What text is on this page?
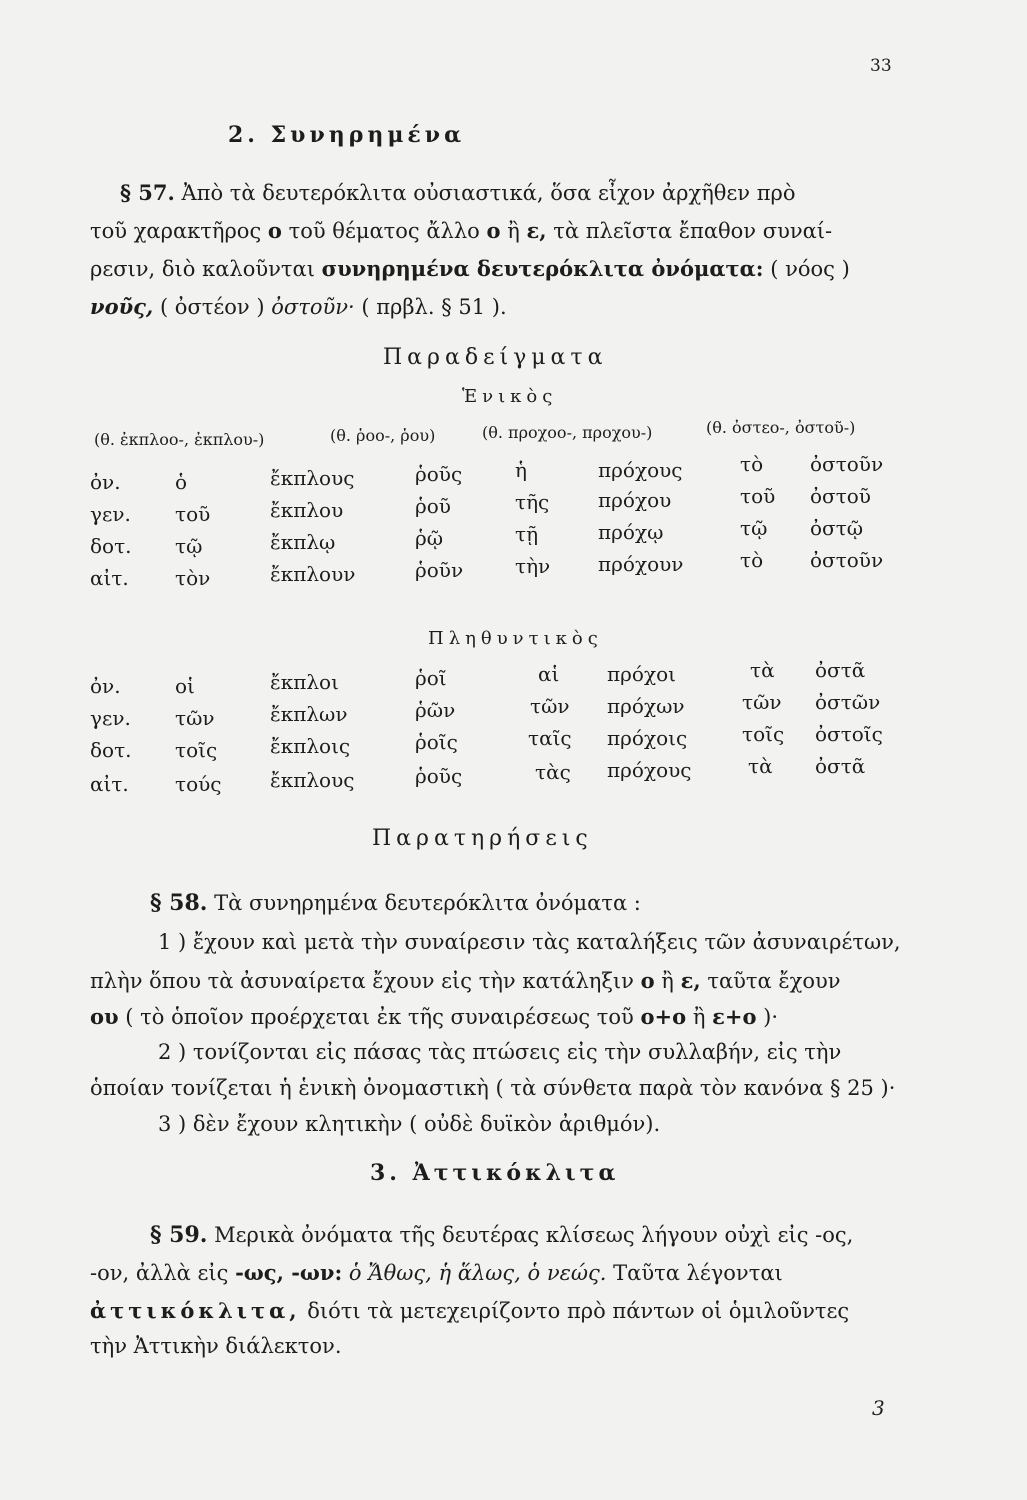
33
2. Συνηρημένα
§ 57. Ἀπὸ τὰ δευτερόκλιτα οὐσιαστικά, ὅσα εἶχον ἀρχῆθεν πρὸ
τοῦ χαρακτῆρος o τοῦ θέματος ἄλλο o ἢ ε, τὰ πλεῖστα ἔπαθον συναί-
ρεσιν, διὸ καλοῦνται συνηρημένα δευτερόκλιτα ὀνόματα: ( νόος )
νοῦς, ( ὀστέον ) ὀστοῦν· ( πρβλ. § 51 ).
Παραδείγματα
Ἑνικὸς
(θ. ἐκπλοο-, ἐκπλου-)	(θ. ῥοο-, ῥου)	(θ. προχοο-, προχου-)	(θ. ὀστεο-, ὀστοῦ-)
ὀν.	ὁ	ἔκπλους	ῥοῦς	ἡ	πρόχους	τὸ ὀστοῦν
γεν. τοῦ	ἔκπλου	ῥοῦ	τῆς πρόχου	τοῦ ὀστοῦ
δοτ. τῷ	ἔκπλῳ	ῥῷ	τῇ	πρόχῳ	τῷ ὀστῷ
αἰτ. τὸν	ἔκπλουν	ῥοῦν	τὴν πρόχουν	τὸ ὀστοῦν
Πληθυντικὸς
ὀν.	οἱ	ἔκπλοι	ῥοῖ	αἱ πρόχοι	τὰ ὀστᾶ
γεν. τῶν	ἔκπλων	ῥῶν	τῶν πρόχων	τῶν ὀστῶν
δοτ. τοῖς	ἔκπλοις	ῥοῖς	ταῖς πρόχοις	τοῖς ὀστοῖς
αἰτ. τούς ἔκπλους	ῥοῦς	τὰς πρόχους	τὰ ὀστᾶ
Παρατηρήσεις
§ 58. Τὰ συνηρημένα δευτερόκλιτα ὀνόματα :
1 ) ἔχουν καὶ μετὰ τὴν συναίρεσιν τὰς καταλήξεις τῶν ἀσυναιρέτων,
πλὴν ὅπου τὰ ἀσυναίρετα ἔχουν εἰς τὴν κατάληξιν o ἢ ε, ταῦτα ἔχουν
ου ( τὸ ὁποῖον προέρχεται ἐκ τῆς συναιρέσεως τοῦ o+o ἢ ε+o )·
2 ) τονίζονται εἰς πάσας τὰς πτώσεις εἰς τὴν συλλαβήν, εἰς τὴν
ὁποίαν τονίζεται ἡ ἑνικὴ ὀνομαστικὴ ( τὰ σύνθετα παρὰ τὸν κανόνα § 25 )·
3 ) δὲν ἔχουν κλητικὴν ( οὐδὲ δυϊκὸν ἀριθμόν).
3. Ἀττικόκλιτα
§ 59. Μερικὰ ὀνόματα τῆς δευτέρας κλίσεως λήγουν οὐχὶ εἰς -ος,
-ον, ἀλλὰ εἰς -ως, -ων: ὁ Ἄθως, ἡ ἅλως, ὁ νεώς. Ταῦτα λέγονται
ἀττικόκλιτα, διότι τὰ μετεχειρίζοντο πρὸ πάντων οἱ ὁμιλοῦντες
τὴν Ἀττικὴν διάλεκτον.
3
